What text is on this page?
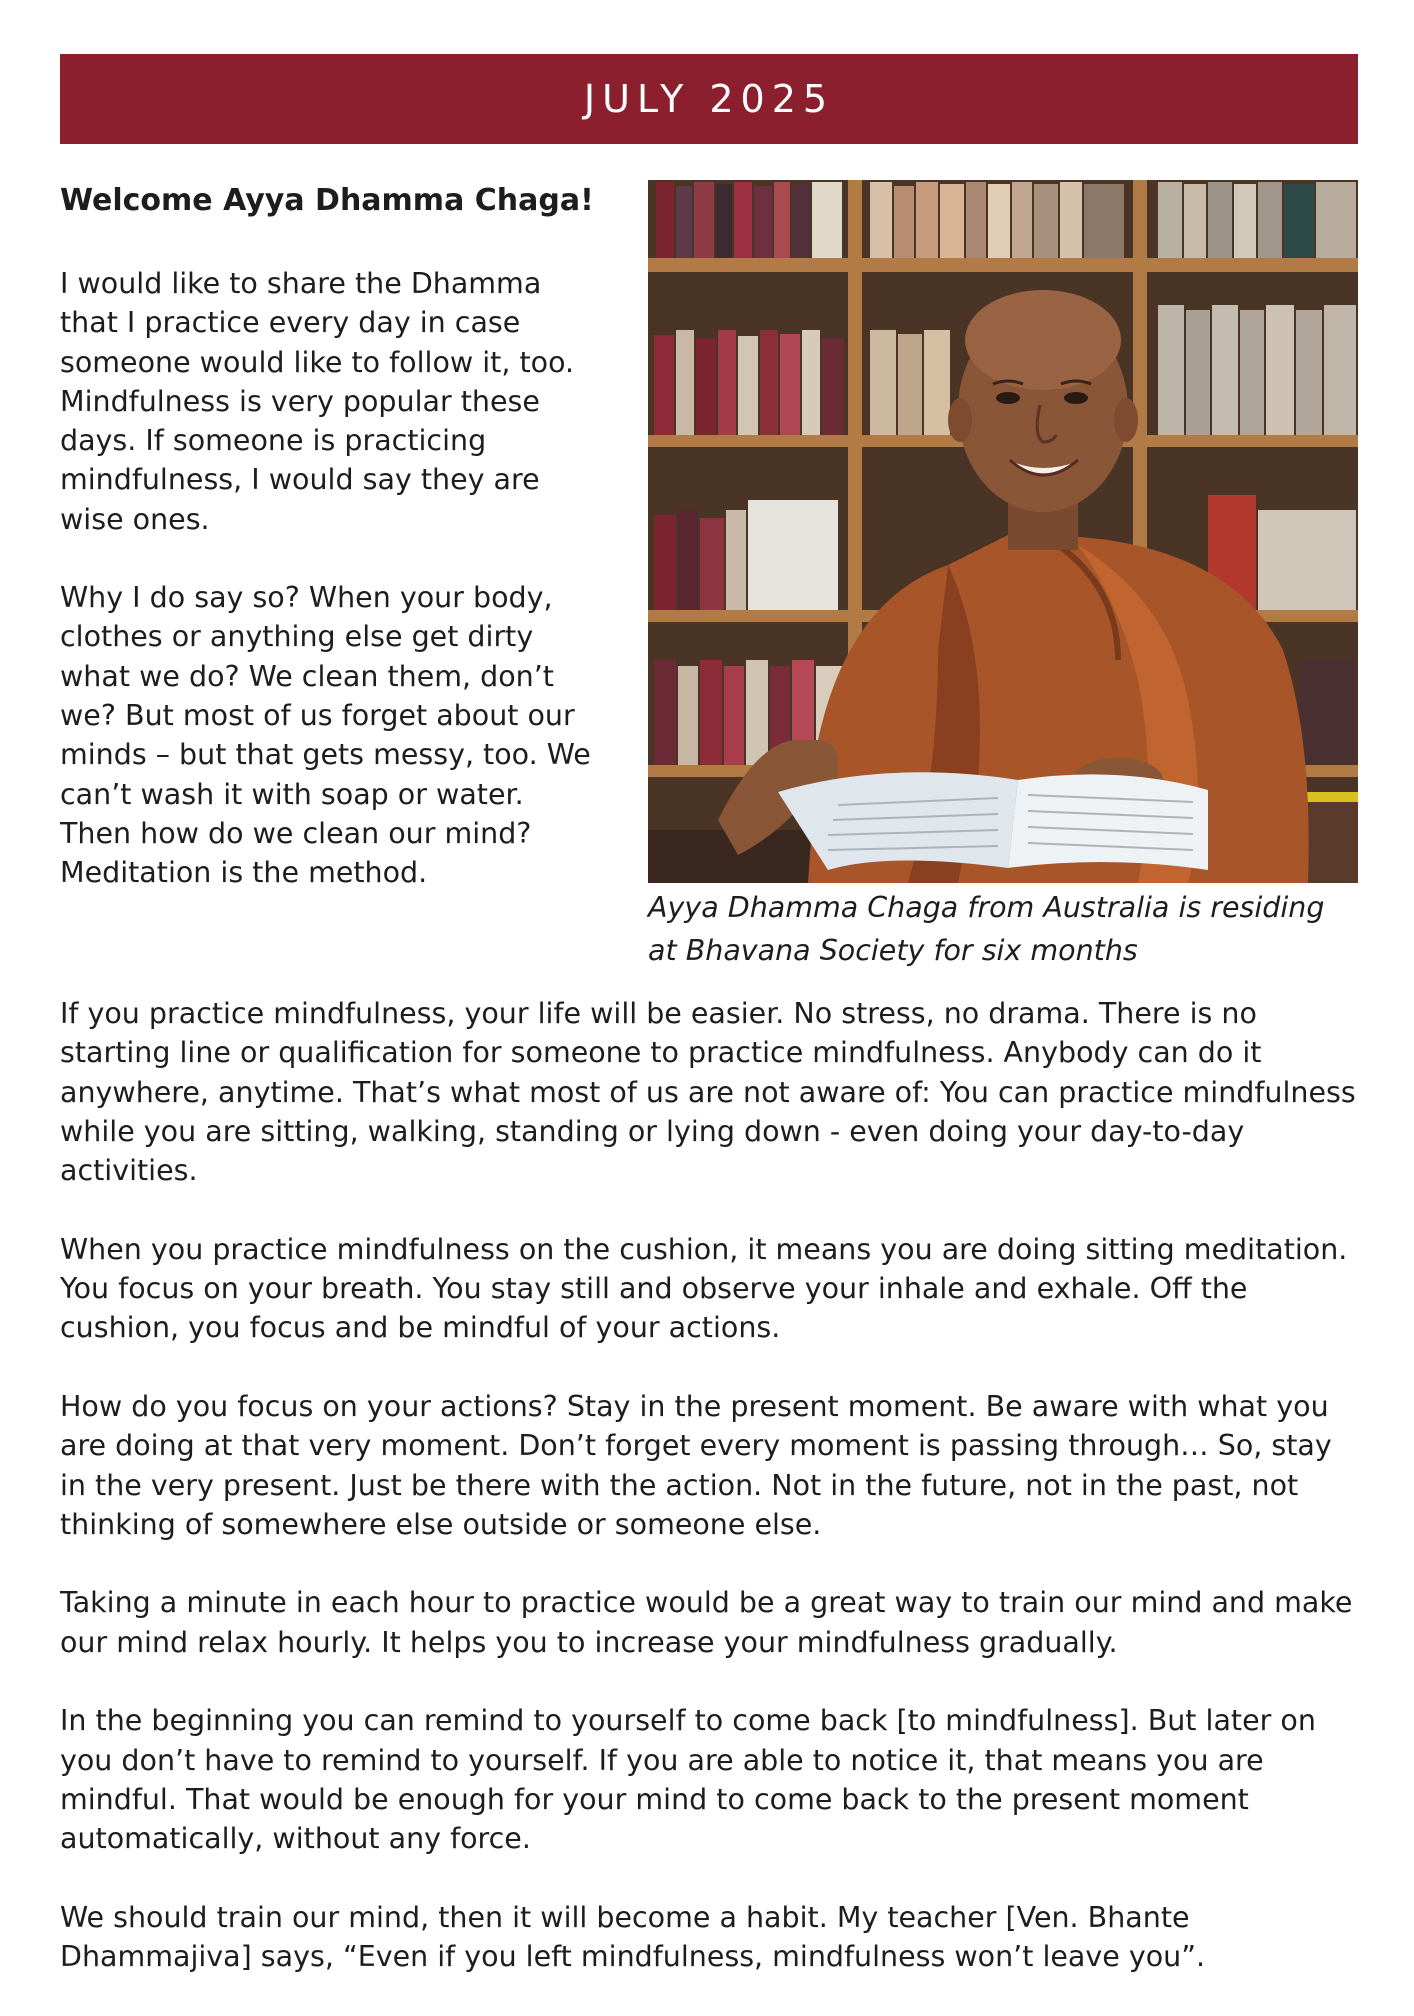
JULY 2025
Welcome Ayya Dhamma Chaga!

I would like to share the Dhamma that I practice every day in case someone would like to follow it, too. Mindfulness is very popular these days. If someone is practicing mindfulness, I would say they are wise ones.

Why I do say so? When your body, clothes or anything else get dirty what we do? We clean them, don’t we? But most of us forget about our minds – but that gets messy, too. We can’t wash it with soap or water. Then how do we clean our mind? Meditation is the method.

Ayya Dhamma Chaga from Australia is residing at Bhavana Society for six months

If you practice mindfulness, your life will be easier. No stress, no drama. There is no starting line or qualification for someone to practice mindfulness. Anybody can do it anywhere, anytime. That’s what most of us are not aware of: You can practice mindfulness while you are sitting, walking, standing or lying down - even doing your day-to-day activities.

When you practice mindfulness on the cushion, it means you are doing sitting meditation. You focus on your breath. You stay still and observe your inhale and exhale. Off the cushion, you focus and be mindful of your actions.

How do you focus on your actions? Stay in the present moment. Be aware with what you are doing at that very moment. Don’t forget every moment is passing through… So, stay in the very present. Just be there with the action. Not in the future, not in the past, not thinking of somewhere else outside or someone else.

Taking a minute in each hour to practice would be a great way to train our mind and make our mind relax hourly. It helps you to increase your mindfulness gradually.

In the beginning you can remind to yourself to come back [to mindfulness]. But later on you don’t have to remind to yourself. If you are able to notice it, that means you are mindful. That would be enough for your mind to come back to the present moment automatically, without any force.

We should train our mind, then it will become a habit. My teacher [Ven. Bhante Dhammajiva] says, “Even if you left mindfulness, mindfulness won’t leave you”.
